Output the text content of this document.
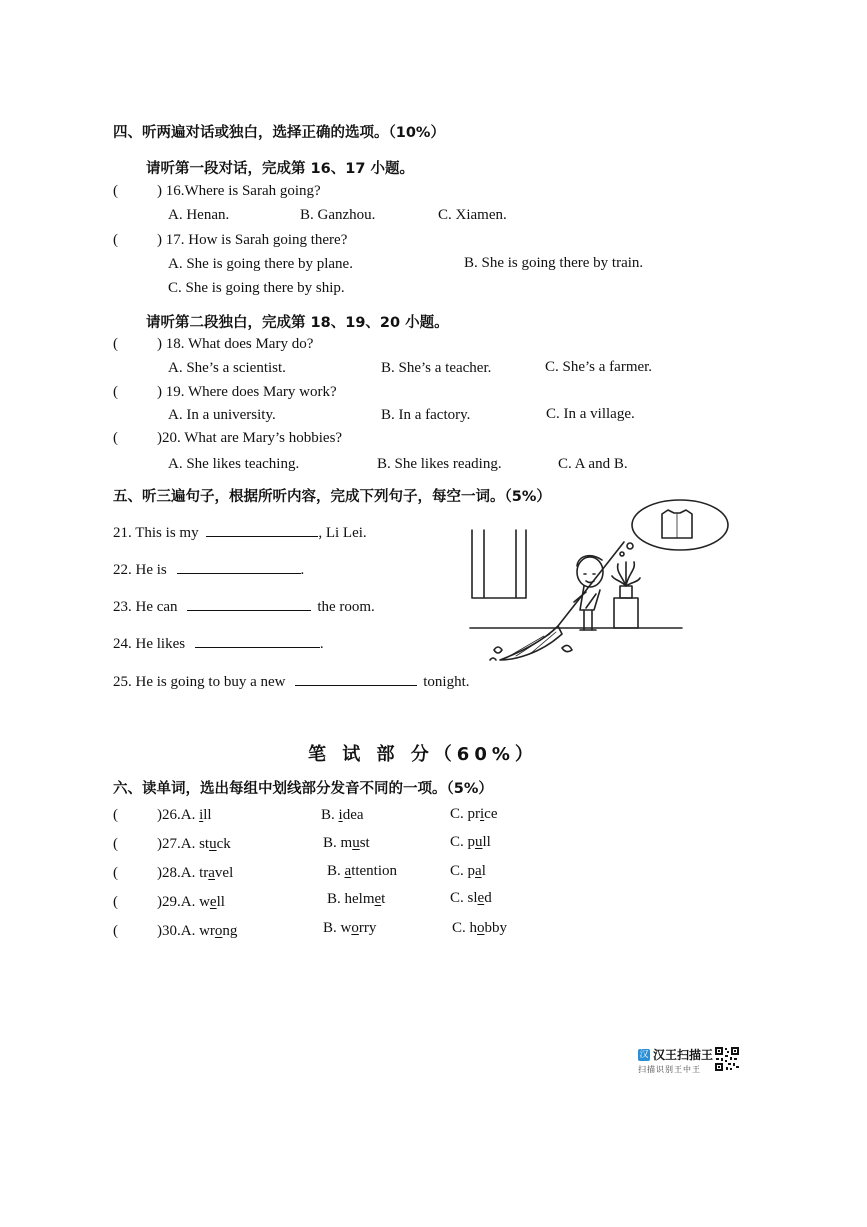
四、听两遍对话或独白，选择正确的选项。（10%）
请听第一段对话，完成第 16、17 小题。
(	) 16.Where is Sarah going?
A. Henan.	B. Ganzhou.	C. Xiamen.
(	) 17. How is Sarah going there?
A. She is going there by plane.	B. She is going there by train.
C. She is going there by ship.
请听第二段独白，完成第 18、19、20 小题。
(	) 18. What does Mary do?
A. She’s a scientist.	B. She’s a teacher.	C. She’s a farmer.
(	) 19. Where does Mary work?
A. In a university.	B. In a factory.	C. In a village.
(	)20. What are Mary’s hobbies?
A. She likes teaching.	B. She likes reading.	C. A and B.
五、听三遍句子，根据所听内容，完成下列句子，每空一词。（5%）
21. This is my	, Li Lei.
22. He is	.
23. He can	the room.
24. He likes	.
25. He is going to buy a new	tonight.
笔 试 部 分（60%）
六、读单词，选出每组中划线部分发音不同的一项。（5%）
(	)26.A. ill	B. idea	C. price
(	)27.A. stuck	B. must	C. pull
(	)28.A. travel	B. attention	C. pal
(	)29.A. well	B. helmet	C. sled
(	)30.A. wrong	B. worry	C. hobby
汉 汉王扫描王
扫描识别王中王
